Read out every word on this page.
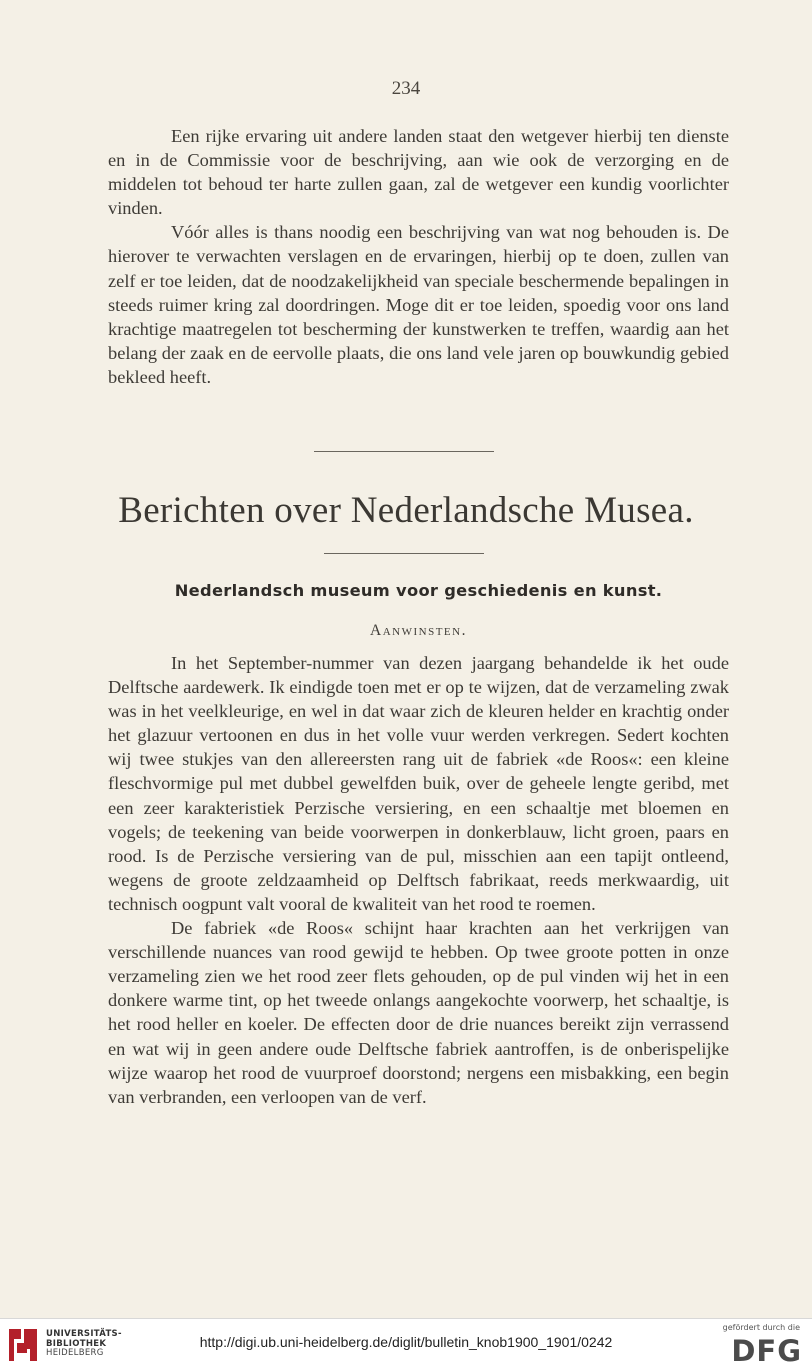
234

Een rijke ervaring uit andere landen staat den wetgever hierbij ten dienste en in de Commissie voor de beschrijving, aan wie ook de verzorging en de middelen tot behoud ter harte zullen gaan, zal de wetgever een kundig voorlichter vinden.

Vóór alles is thans noodig een beschrijving van wat nog behouden is. De hierover te verwachten verslagen en de ervaringen, hierbij op te doen, zullen van zelf er toe leiden, dat de noodzakelijkheid van speciale beschermende bepalingen in steeds ruimer kring zal doordringen. Moge dit er toe leiden, spoedig voor ons land krachtige maatregelen tot bescherming der kunstwerken te treffen, waardig aan het belang der zaak en de eervolle plaats, die ons land vele jaren op bouwkundig gebied bekleed heeft.

Berichten over Nederlandsche Musea.
Nederlandsch museum voor geschiedenis en kunst.
Aanwinsten.

In het September-nummer van dezen jaargang behandelde ik het oude Delftsche aardewerk. Ik eindigde toen met er op te wijzen, dat de verzameling zwak was in het veelkleurige, en wel in dat waar zich de kleuren helder en krachtig onder het glazuur vertoonen en dus in het volle vuur werden verkregen. Sedert kochten wij twee stukjes van den allereersten rang uit de fabriek «de Roos«: een kleine fleschvormige pul met dubbel gewelfden buik, over de geheele lengte geribd, met een zeer karakteristiek Perzische versiering, en een schaaltje met bloemen en vogels; de teekening van beide voorwerpen in donkerblauw, licht groen, paars en rood. Is de Perzische versiering van de pul, misschien aan een tapijt ontleend, wegens de groote zeldzaamheid op Delftsch fabrikaat, reeds merkwaardig, uit technisch oogpunt valt vooral de kwaliteit van het rood te roemen.

De fabriek «de Roos« schijnt haar krachten aan het verkrijgen van verschillende nuances van rood gewijd te hebben. Op twee groote potten in onze verzameling zien we het rood zeer flets gehouden, op de pul vinden wij het in een donkere warme tint, op het tweede onlangs aangekochte voorwerp, het schaaltje, is het rood heller en koeler. De effecten door de drie nuances bereikt zijn verrassend en wat wij in geen andere oude Delftsche fabriek aantroffen, is de onberispelijke wijze waarop het rood de vuurproef doorstond; nergens een misbakking, een begin van verbranden, een verloopen van de verf.

UNIVERSITÄTS-
BIBLIOTHEK
HEIDELBERG
http://digi.ub.uni-heidelberg.de/diglit/bulletin_knob1900_1901/0242
gefördert durch die
DFG
